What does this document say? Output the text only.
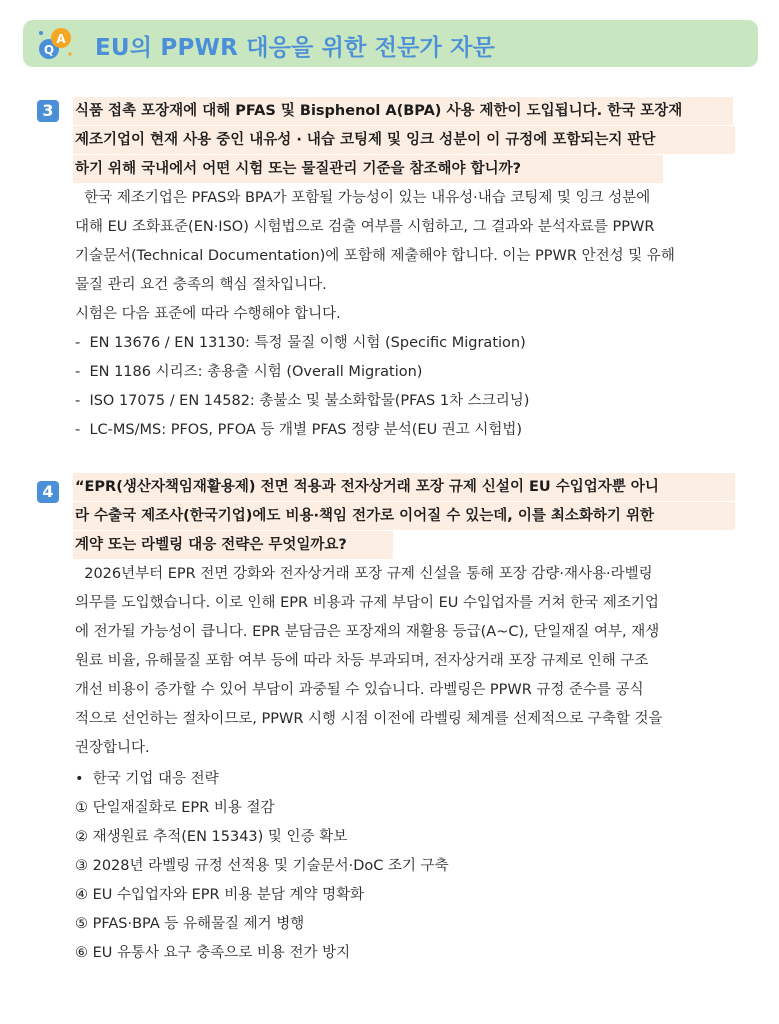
Q
A EU의 PPWR 대응을 위한 전문가 자문
3	식품 접촉 포장재에 대해 PFAS 및 Bisphenol A(BPA) 사용 제한이 도입됩니다. 한국 포장재
제조기업이 현재 사용 중인 내유성 · 내습 코팅제 및 잉크 성분이 이 규정에 포함되는지 판단
하기 위해 국내에서 어떤 시험 또는 물질관리 기준을 참조해야 합니까?
한국 제조기업은 PFAS와 BPA가 포함될 가능성이 있는 내유성·내습 코팅제 및 잉크 성분에
대해 EU 조화표준(EN·ISO) 시험법으로 검출 여부를 시험하고, 그 결과와 분석자료를 PPWR
기술문서(Technical Documentation)에 포함해 제출해야 합니다. 이는 PPWR 안전성 및 유해
물질 관리 요건 충족의 핵심 절차입니다.
시험은 다음 표준에 따라 수행해야 합니다.
-  EN 13676 / EN 13130: 특정 물질 이행 시험 (Specific Migration)
-  EN 1186 시리즈: 총용출 시험 (Overall Migration)
-  ISO 17075 / EN 14582: 총불소 및 불소화합물(PFAS 1차 스크리닝)
-  LC-MS/MS: PFOS, PFOA 등 개별 PFAS 정량 분석(EU 권고 시험법)
4	“EPR(생산자책임재활용제) 전면 적용과 전자상거래 포장 규제 신설이 EU 수입업자뿐 아니
라 수출국 제조사(한국기업)에도 비용·책임 전가로 이어질 수 있는데, 이를 최소화하기 위한
계약 또는 라벨링 대응 전략은 무엇일까요?
2026년부터 EPR 전면 강화와 전자상거래 포장 규제 신설을 통해 포장 감량·재사용·라벨링
의무를 도입했습니다. 이로 인해 EPR 비용과 규제 부담이 EU 수입업자를 거쳐 한국 제조기업
에 전가될 가능성이 큽니다. EPR 분담금은 포장재의 재활용 등급(A~C), 단일재질 여부, 재생
원료 비율, 유해물질 포함 여부 등에 따라 차등 부과되며, 전자상거래 포장 규제로 인해 구조
개선 비용이 증가할 수 있어 부담이 과중될 수 있습니다. 라벨링은 PPWR 규정 준수를 공식
적으로 선언하는 절차이므로, PPWR 시행 시점 이전에 라벨링 체계를 선제적으로 구축할 것을
권장합니다.
•  한국 기업 대응 전략
① 단일재질화로 EPR 비용 절감
② 재생원료 추적(EN 15343) 및 인증 확보
③ 2028년 라벨링 규정 선적용 및 기술문서·DoC 조기 구축
④ EU 수입업자와 EPR 비용 분담 계약 명확화
⑤ PFAS·BPA 등 유해물질 제거 병행
⑥ EU 유통사 요구 충족으로 비용 전가 방지
